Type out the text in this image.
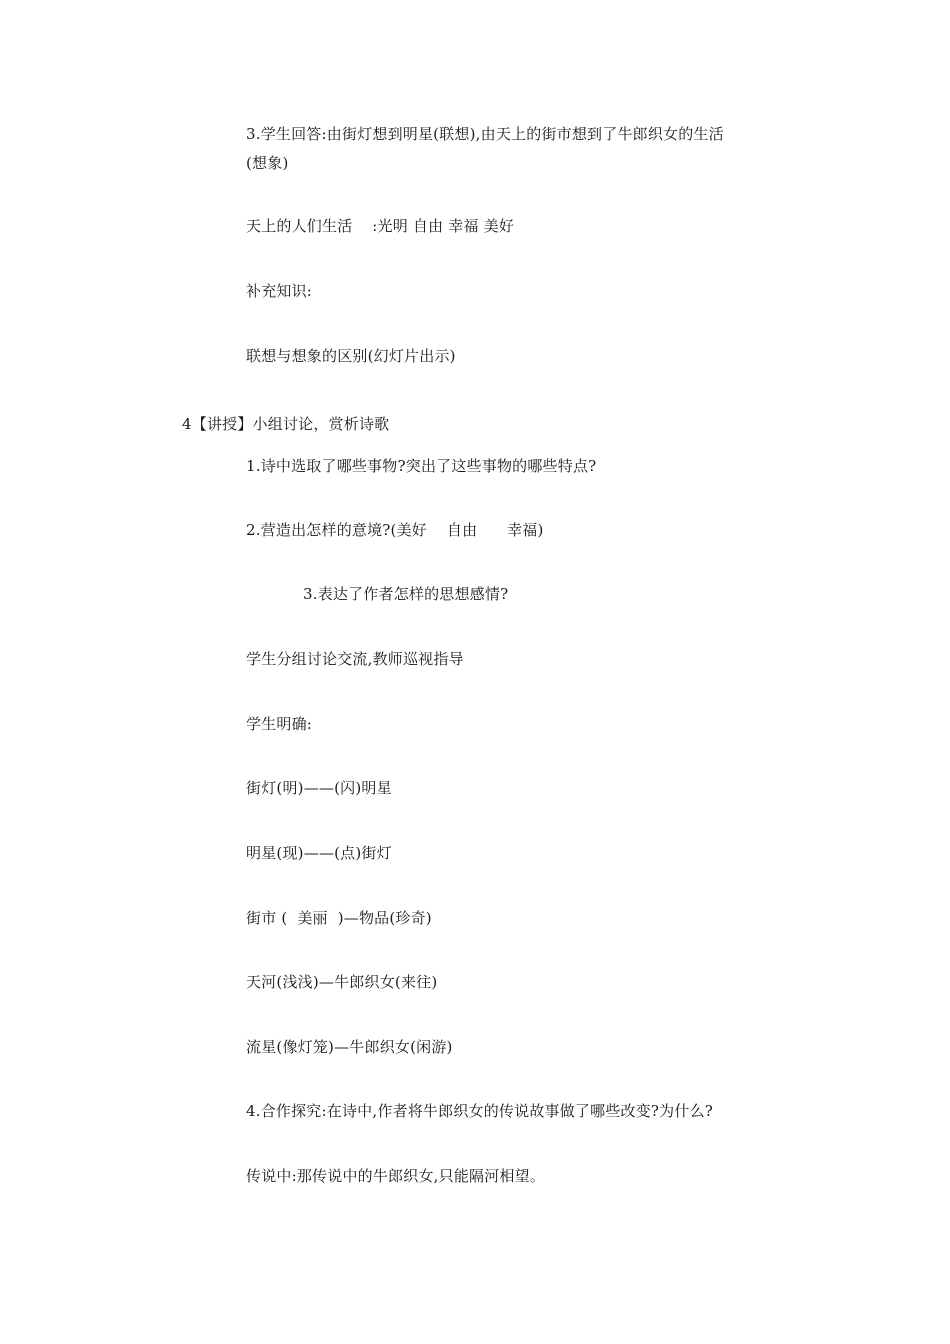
3.学生回答:由街灯想到明星(联想),由天上的街市想到了牛郎织女的生活
(想象)
天上的人们生活    :光明 自由 幸福 美好
补充知识:
联想与想象的区别(幻灯片出示)
4【讲授】小组讨论，赏析诗歌
1.诗中选取了哪些事物?突出了这些事物的哪些特点?
2.营造出怎样的意境?(美好    自由      幸福)
3.表达了作者怎样的思想感情?
学生分组讨论交流,教师巡视指导
学生明确:
街灯(明)——(闪)明星
明星(现)——(点)街灯
街市 (  美丽  )—物品(珍奇)
天河(浅浅)—牛郎织女(来往)
流星(像灯笼)—牛郎织女(闲游)
4.合作探究:在诗中,作者将牛郎织女的传说故事做了哪些改变?为什么?
传说中:那传说中的牛郎织女,只能隔河相望。
